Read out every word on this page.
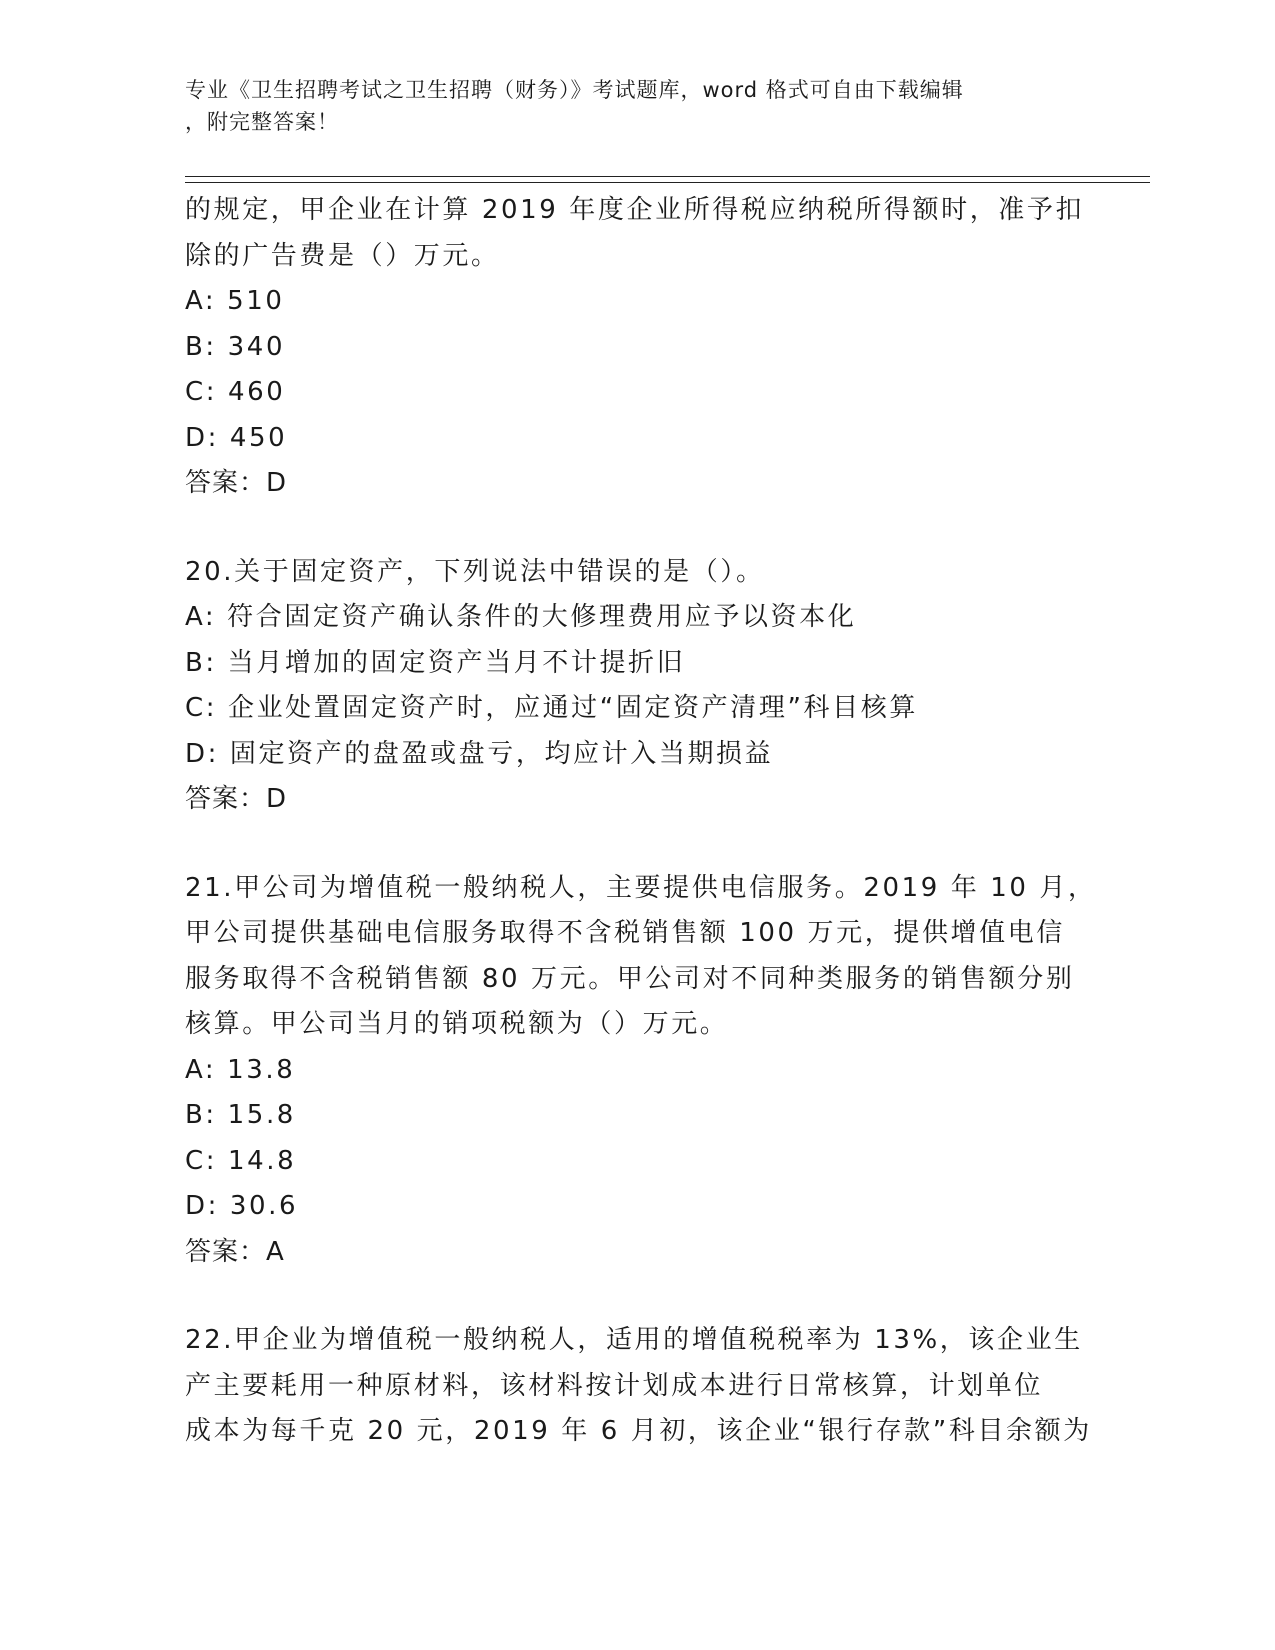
专业《卫生招聘考试之卫生招聘（财务）》考试题库，word 格式可自由下载编辑
，附完整答案！

的规定，甲企业在计算 2019 年度企业所得税应纳税所得额时，准予扣

除的广告费是（）万元。

A: 510

B: 340

C: 460

D: 450

答案：D

20.关于固定资产，下列说法中错误的是（）。

A: 符合固定资产确认条件的大修理费用应予以资本化

B: 当月增加的固定资产当月不计提折旧

C: 企业处置固定资产时，应通过“固定资产清理”科目核算

D: 固定资产的盘盈或盘亏，均应计入当期损益

答案：D

21.甲公司为增值税一般纳税人，主要提供电信服务。2019 年 10 月，

甲公司提供基础电信服务取得不含税销售额 100 万元，提供增值电信

服务取得不含税销售额 80 万元。甲公司对不同种类服务的销售额分别

核算。甲公司当月的销项税额为（）万元。

A: 13.8

B: 15.8

C: 14.8

D: 30.6

答案：A

22.甲企业为增值税一般纳税人，适用的增值税税率为 13%，该企业生

产主要耗用一种原材料，该材料按计划成本进行日常核算，计划单位

成本为每千克 20 元，2019 年 6 月初，该企业“银行存款”科目余额为
